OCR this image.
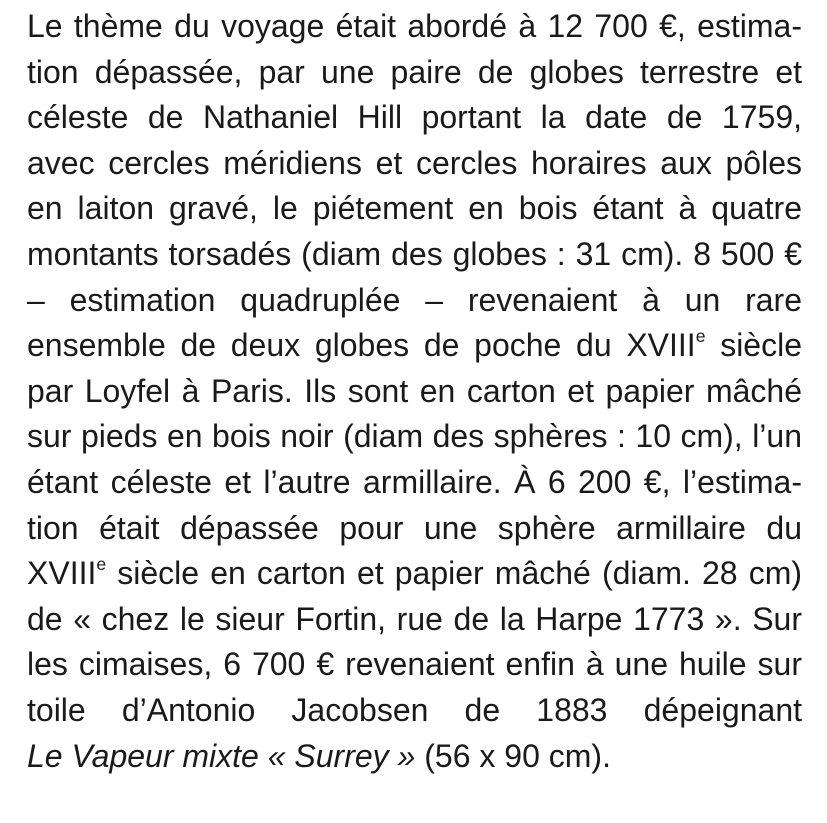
Le thème du voyage était abordé à 12 700 €, estima-
tion dépassée, par une paire de globes terrestre et
céleste de Nathaniel Hill portant la date de 1759,
avec cercles méridiens et cercles horaires aux pôles
en laiton gravé, le piétement en bois étant à quatre
montants torsadés (diam des globes : 31 cm). 8 500 €
– estimation quadruplée – revenaient à un rare
ensemble de deux globes de poche du XVIIIe siècle
par Loyfel à Paris. Ils sont en carton et papier mâché
sur pieds en bois noir (diam des sphères : 10 cm), l’un
étant céleste et l’autre armillaire. À 6 200 €, l’estima-
tion était dépassée pour une sphère armillaire du
XVIIIe siècle en carton et papier mâché (diam. 28 cm)
de « chez le sieur Fortin, rue de la Harpe 1773 ». Sur
les cimaises, 6 700 € revenaient enfin à une huile sur
toile d’Antonio Jacobsen de 1883 dépeignant
Le Vapeur mixte « Surrey » (56 x 90 cm).
